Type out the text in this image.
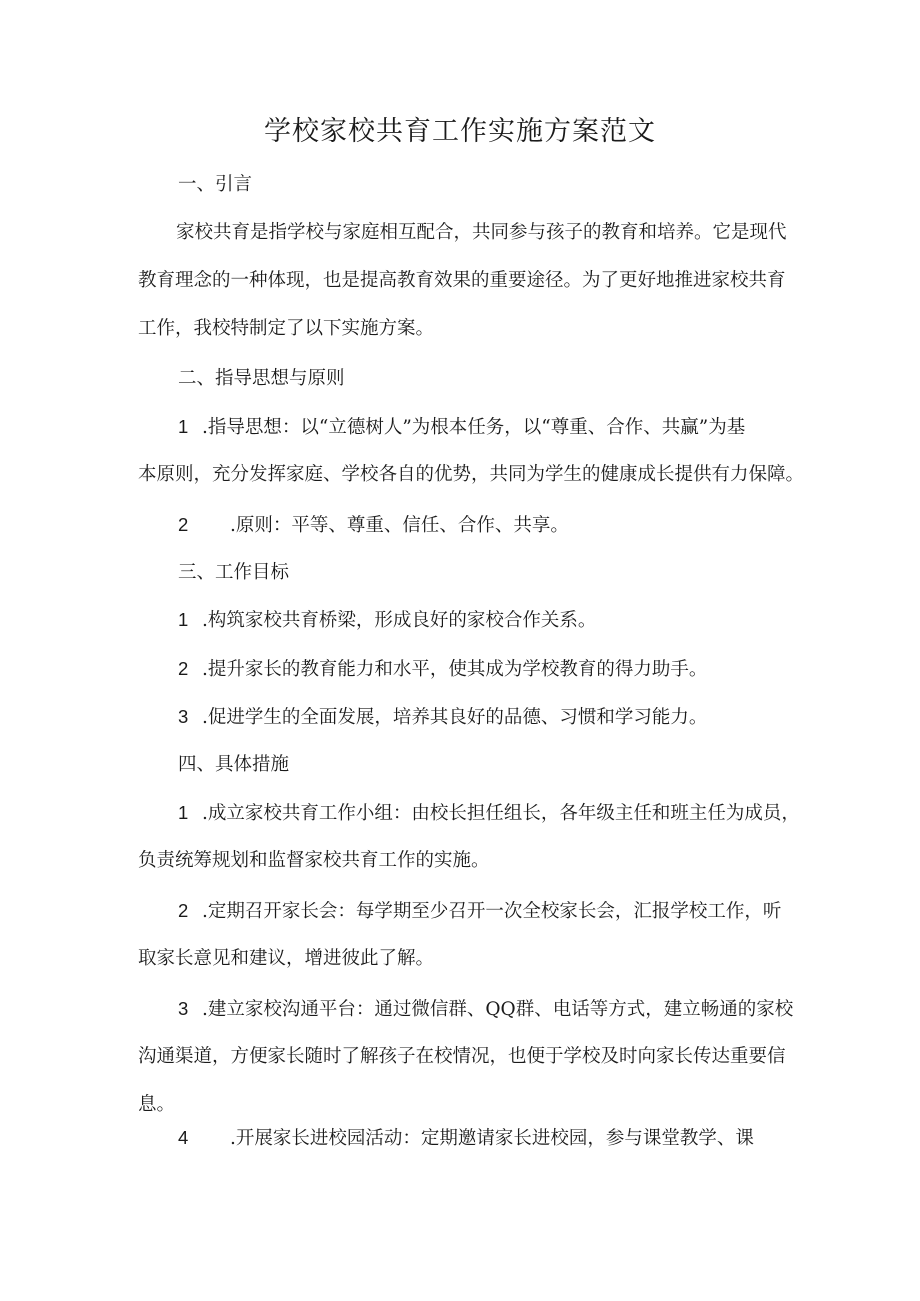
学校家校共育工作实施方案范文
一、引言
家校共育是指学校与家庭相互配合，共同参与孩子的教育和培养。它是现代
教育理念的一种体现，也是提高教育效果的重要途径。为了更好地推进家校共育
工作，我校特制定了以下实施方案。
二、指导思想与原则
1 .指导思想：以“立德树人”为根本任务，以“尊重、合作、共赢”为基
本原则，充分发挥家庭、学校各自的优势，共同为学生的健康成长提供有力保障。
2 .原则：平等、尊重、信任、合作、共享。
三、工作目标
1 .构筑家校共育桥梁，形成良好的家校合作关系。
2 .提升家长的教育能力和水平，使其成为学校教育的得力助手。
3 .促进学生的全面发展，培养其良好的品德、习惯和学习能力。
四、具体措施
1 .成立家校共育工作小组：由校长担任组长，各年级主任和班主任为成员，
负责统筹规划和监督家校共育工作的实施。
2 .定期召开家长会：每学期至少召开一次全校家长会，汇报学校工作，听
取家长意见和建议，增进彼此了解。
3 .建立家校沟通平台：通过微信群、QQ群、电话等方式，建立畅通的家校
沟通渠道，方便家长随时了解孩子在校情况，也便于学校及时向家长传达重要信
息。
4 .开展家长进校园活动：定期邀请家长进校园，参与课堂教学、课
